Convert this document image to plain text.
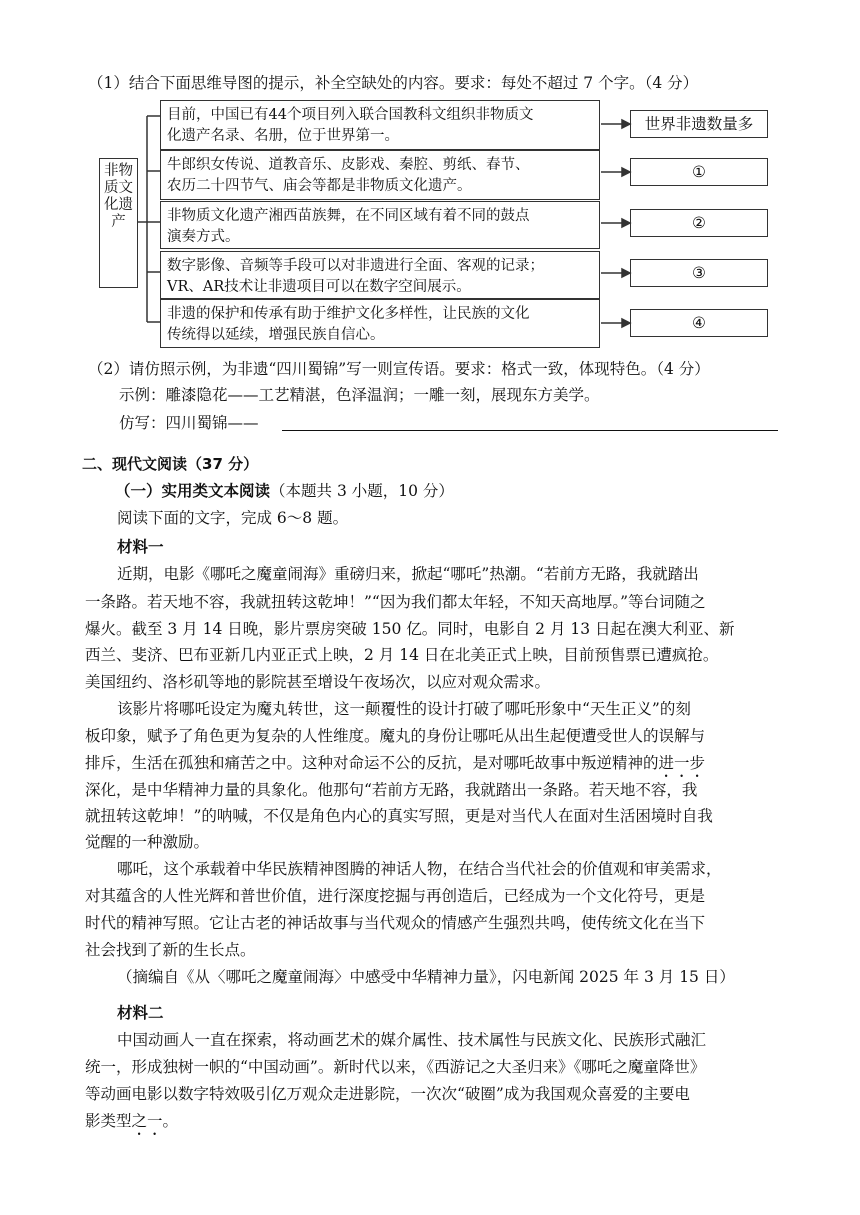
（1）结合下面思维导图的提示，补全空缺处的内容。要求：每处不超过 7 个字。（4 分）
非物质文化遗产
目前，中国已有44个项目列入联合国教科文组织非物质文
化遗产名录、名册，位于世界第一。
牛郎织女传说、道教音乐、皮影戏、秦腔、剪纸、春节、
农历二十四节气、庙会等都是非物质文化遗产。
非物质文化遗产湘西苗族舞，在不同区域有着不同的鼓点
演奏方式。
数字影像、音频等手段可以对非遗进行全面、客观的记录；
VR、AR技术让非遗项目可以在数字空间展示。
非遗的保护和传承有助于维护文化多样性，让民族的文化
传统得以延续，增强民族自信心。
世界非遗数量多
①
②
③
④
（2）请仿照示例，为非遗“四川蜀锦”写一则宣传语。要求：格式一致，体现特色。（4 分）
示例：雕漆隐花——工艺精湛，色泽温润；一雕一刻，展现东方美学。
仿写：四川蜀锦——
二、现代文阅读（37 分）
（一）实用类文本阅读（本题共 3 小题，10 分）
阅读下面的文字，完成 6～8 题。
材料一
近期，电影《哪吒之魔童闹海》重磅归来，掀起“哪吒”热潮。“若前方无路，我就踏出
一条路。若天地不容，我就扭转这乾坤！”“因为我们都太年轻，不知天高地厚。”等台词随之
爆火。截至 3 月 14 日晚，影片票房突破 150 亿。同时，电影自 2 月 13 日起在澳大利亚、新
西兰、斐济、巴布亚新几内亚正式上映，2 月 14 日在北美正式上映，目前预售票已遭疯抢。
美国纽约、洛杉矶等地的影院甚至增设午夜场次，以应对观众需求。
该影片将哪吒设定为魔丸转世，这一颠覆性的设计打破了哪吒形象中“天生正义”的刻
板印象，赋予了角色更为复杂的人性维度。魔丸的身份让哪吒从出生起便遭受世人的误解与
排斥，生活在孤独和痛苦之中。这种对命运不公的反抗，是对哪吒故事中叛逆精神的进一步
深化，是中华精神力量的具象化。他那句“若前方无路，我就踏出一条路。若天地不容，我
就扭转这乾坤！”的呐喊，不仅是角色内心的真实写照，更是对当代人在面对生活困境时自我
觉醒的一种激励。
哪吒，这个承载着中华民族精神图腾的神话人物，在结合当代社会的价值观和审美需求，
对其蕴含的人性光辉和普世价值，进行深度挖掘与再创造后，已经成为一个文化符号，更是
时代的精神写照。它让古老的神话故事与当代观众的情感产生强烈共鸣，使传统文化在当下
社会找到了新的生长点。
（摘编自《从〈哪吒之魔童闹海〉中感受中华精神力量》，闪电新闻 2025 年 3 月 15 日）
材料二
中国动画人一直在探索，将动画艺术的媒介属性、技术属性与民族文化、民族形式融汇
统一，形成独树一帜的“中国动画”。新时代以来，《西游记之大圣归来》《哪吒之魔童降世》
等动画电影以数字特效吸引亿万观众走进影院，一次次“破圈”成为我国观众喜爱的主要电
影类型之一。
